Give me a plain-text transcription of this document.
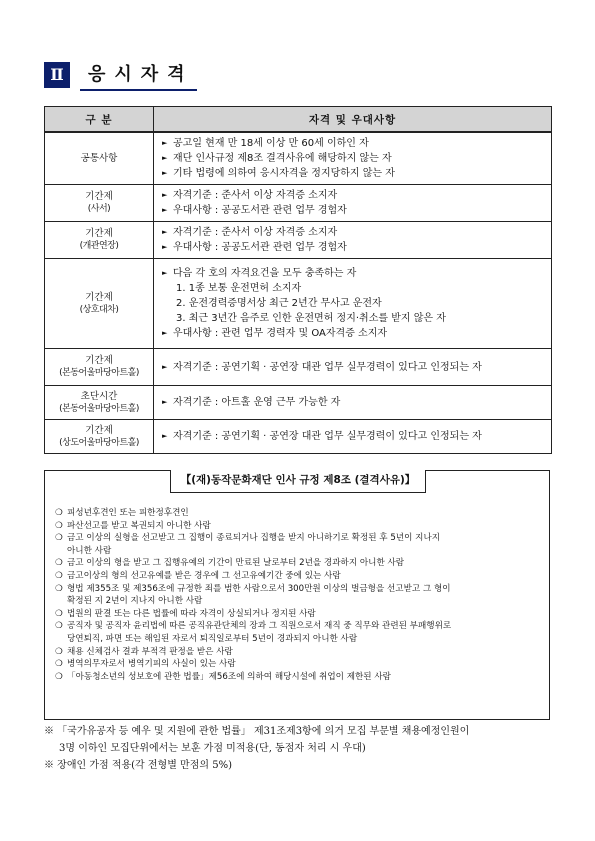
Ⅱ	응시자격
구 분	자격 및 우대사항

공통사항	► 공고일 현재 만 18세 이상 만 60세 이하인 자
► 재단 인사규정 제8조 결격사유에 해당하지 않는 자
► 기타 법령에 의하여 응시자격을 정지당하지 않는 자

기간제
(사서)	► 자격기준 : 준사서 이상 자격증 소지자
► 우대사항 : 공공도서관 관련 업무 경험자

기간제
(개관연장)	► 자격기준 : 준사서 이상 자격증 소지자
► 우대사항 : 공공도서관 관련 업무 경험자

기간제
(상호대차)	► 다음 각 호의 자격요건을 모두 충족하는 자
1. 1종 보통 운전면허 소지자
2. 운전경력증명서상 최근 2년간 무사고 운전자
3. 최근 3년간 음주로 인한 운전면허 정지·취소를 받지 않은 자
► 우대사항 : 관련 업무 경력자 및 OA자격증 소지자

기간제
(본동어울마당아트홀)	► 자격기준 : 공연기획 · 공연장 대관 업무 실무경력이 있다고 인정되는 자

초단시간
(본동어울마당아트홀)	► 자격기준 : 아트홀 운영 근무 가능한 자

기간제
(상도어울마당아트홀)	► 자격기준 : 공연기획 · 공연장 대관 업무 실무경력이 있다고 인정되는 자
【(재)동작문화재단 인사 규정 제8조 (결격사유)】
❍ 피성년후견인 또는 피한정후견인
❍ 파산선고를 받고 복권되지 아니한 사람
❍ 금고 이상의 실형을 선고받고 그 집행이 종료되거나 집행을 받지 아니하기로 확정된 후 5년이 지나지
아니한 사람
❍ 금고 이상의 형을 받고 그 집행유예의 기간이 만료된 날로부터 2년을 경과하지 아니한 사람
❍ 금고이상의 형의 선고유예를 받은 경우에 그 선고유예기간 중에 있는 사람
❍ 형법 제355조 및 제356조에 규정한 죄를 범한 사람으로서 300만원 이상의 벌금형을 선고받고 그 형이
확정된 지 2년이 지나지 아니한 사람
❍ 법원의 판결 또는 다른 법률에 따라 자격이 상실되거나 정지된 사람
❍ 공직자 및 공직자 윤리법에 따른 공직유관단체의 장과 그 직원으로서 재직 중 직무와 관련된 부패행위로
당연퇴직, 파면 또는 해임된 자로서 퇴직일로부터 5년이 경과되지 아니한 사람
❍ 채용 신체검사 결과 부적격 판정을 받은 사람
❍ 병역의무자로서 병역기피의 사실이 있는 사람
❍ 「아동청소년의 성보호에 관한 법률」제56조에 의하여 해당시설에 취업이 제한된 사람
※ 「국가유공자 등 예우 및 지원에 관한 법률」 제31조제3항에 의거 모집 부문별 채용예정인원이
3명 이하인 모집단위에서는 보훈 가점 미적용(단, 동점자 처리 시 우대)
※ 장애인 가점 적용(각 전형별 만점의 5%)
